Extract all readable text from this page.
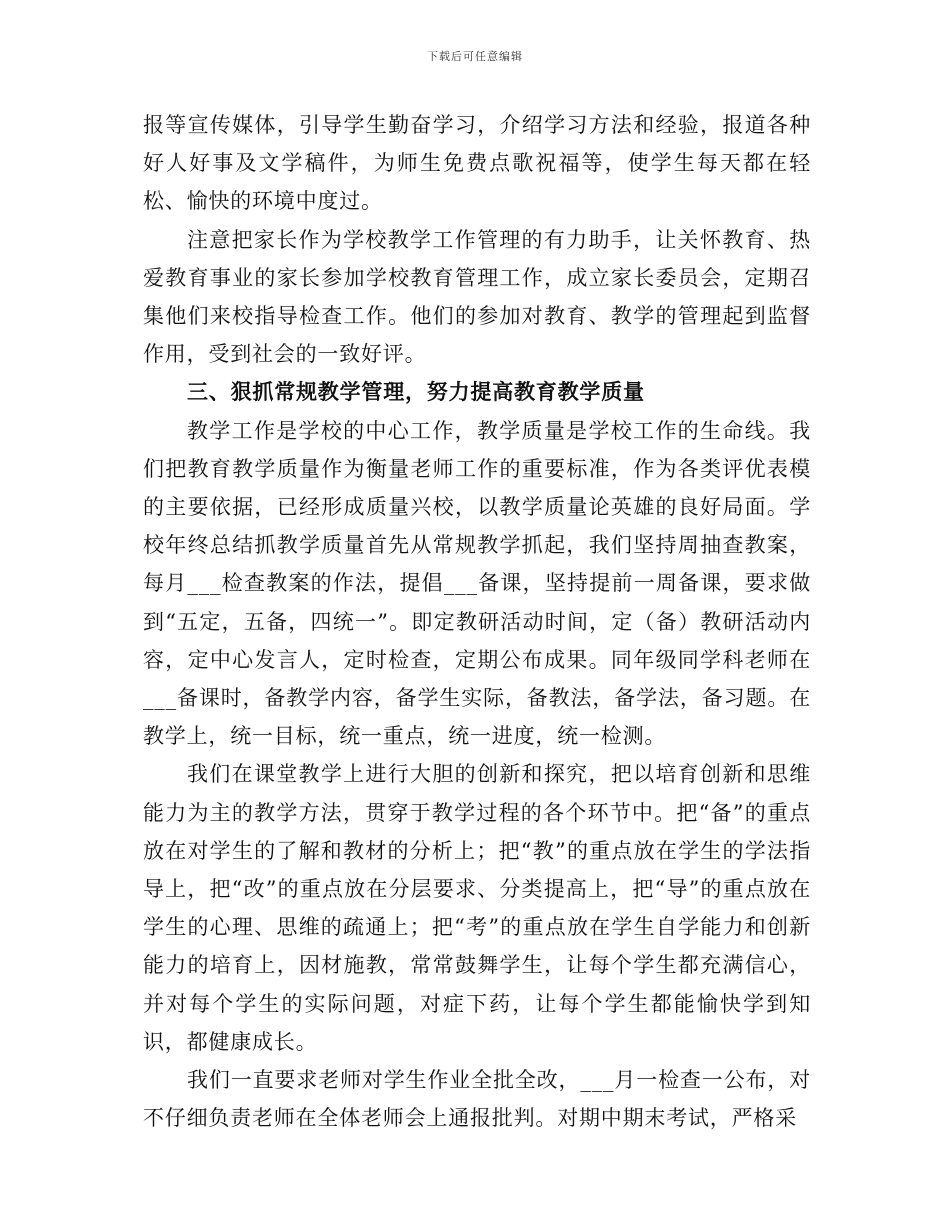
下载后可任意编辑

报等宣传媒体，引导学生勤奋学习，介绍学习方法和经验，报道各种好人好事及文学稿件，为师生免费点歌祝福等，使学生每天都在轻松、愉快的环境中度过。

注意把家长作为学校教学工作管理的有力助手，让关怀教育、热爱教育事业的家长参加学校教育管理工作，成立家长委员会，定期召集他们来校指导检查工作。他们的参加对教育、教学的管理起到监督作用，受到社会的一致好评。

三、狠抓常规教学管理，努力提高教育教学质量

教学工作是学校的中心工作，教学质量是学校工作的生命线。我们把教育教学质量作为衡量老师工作的重要标准，作为各类评优表模的主要依据，已经形成质量兴校，以教学质量论英雄的良好局面。学校年终总结抓教学质量首先从常规教学抓起，我们坚持周抽查教案，每月___检查教案的作法，提倡___备课，坚持提前一周备课，要求做到“五定，五备，四统一”。即定教研活动时间，定（备）教研活动内容，定中心发言人，定时检查，定期公布成果。同年级同学科老师在___备课时，备教学内容，备学生实际，备教法，备学法，备习题。在教学上，统一目标，统一重点，统一进度，统一检测。

我们在课堂教学上进行大胆的创新和探究，把以培育创新和思维能力为主的教学方法，贯穿于教学过程的各个环节中。把“备”的重点放在对学生的了解和教材的分析上；把“教”的重点放在学生的学法指导上，把“改”的重点放在分层要求、分类提高上，把“导”的重点放在学生的心理、思维的疏通上；把“考”的重点放在学生自学能力和创新能力的培育上，因材施教，常常鼓舞学生，让每个学生都充满信心，并对每个学生的实际问题，对症下药，让每个学生都能愉快学到知识，都健康成长。

我们一直要求老师对学生作业全批全改，___月一检查一公布，对不仔细负责老师在全体老师会上通报批判。对期中期末考试，严格采
